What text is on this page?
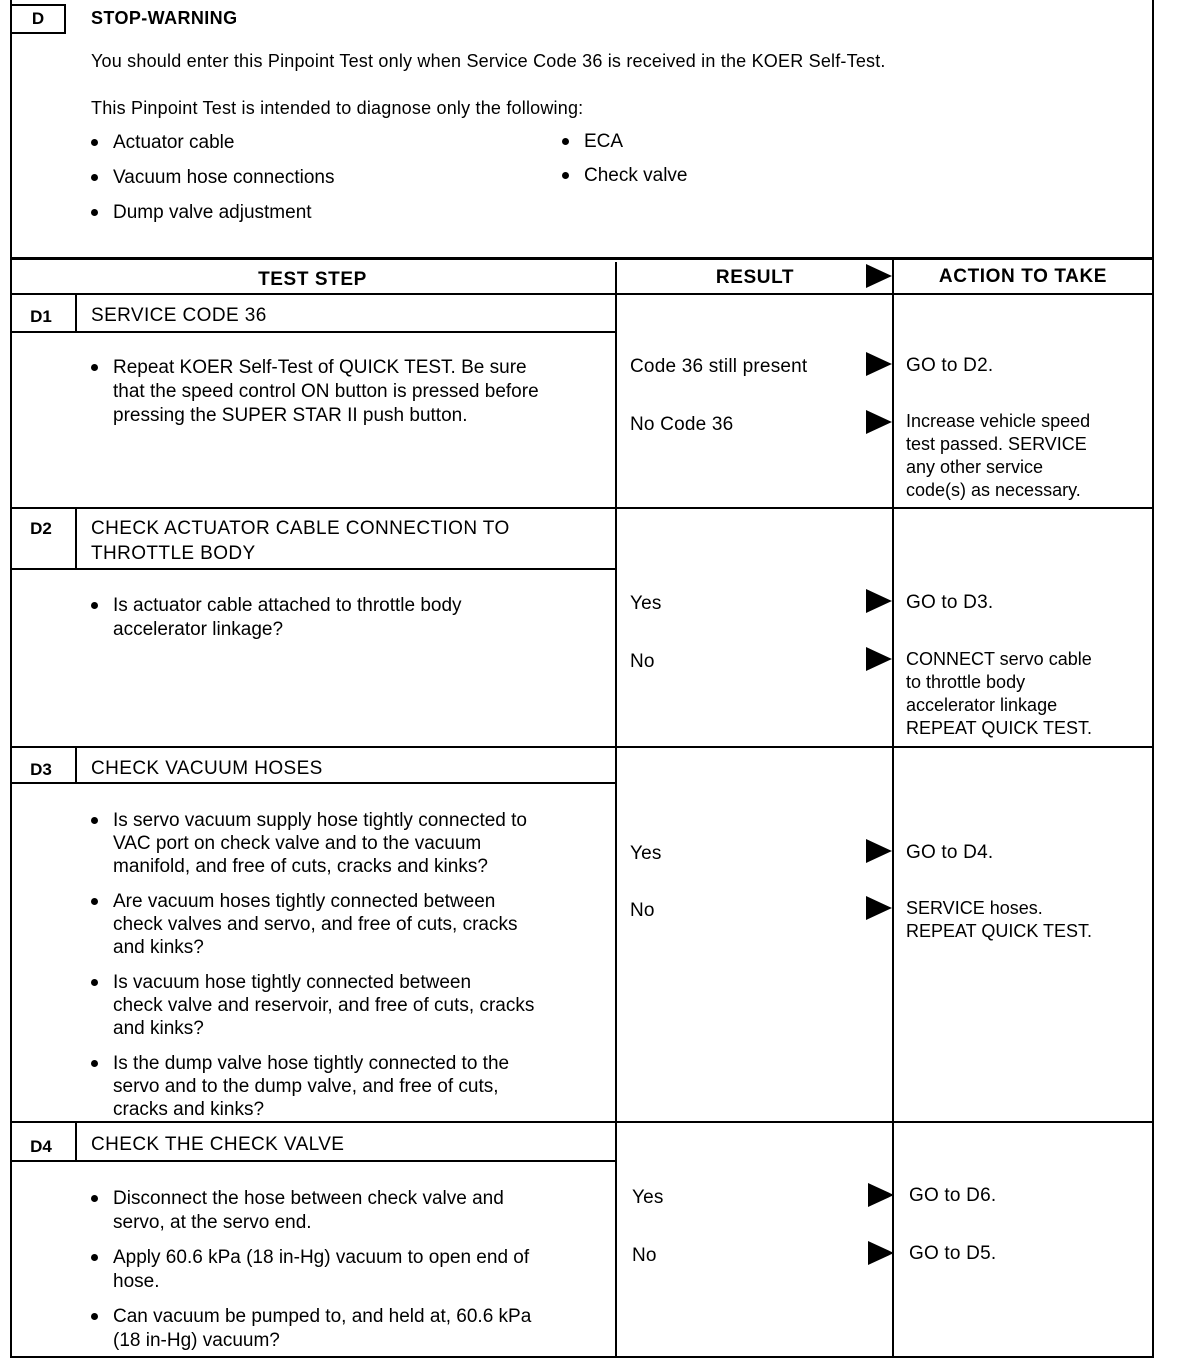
D	STOP-WARNING
You should enter this Pinpoint Test only when Service Code 36 is received in the KOER Self-Test.
This Pinpoint Test is intended to diagnose only the following:
Actuator cable
Vacuum hose connections
Dump valve adjustment
ECA
Check valve
TEST STEP	RESULT	ACTION TO TAKE
D1	SERVICE CODE 36
Repeat KOER Self-Test of QUICK TEST. Be sure
that the speed control ON button is pressed before
pressing the SUPER STAR II push button.
Code 36 still present	GO to D2.
No Code 36	Increase vehicle speed
test passed. SERVICE
any other service
code(s) as necessary.
D2	CHECK ACTUATOR CABLE CONNECTION TO
THROTTLE BODY
Is actuator cable attached to throttle body
accelerator linkage?
Yes	GO to D3.
No	CONNECT servo cable
to throttle body
accelerator linkage
REPEAT QUICK TEST.
D3	CHECK VACUUM HOSES
Is servo vacuum supply hose tightly connected to
VAC port on check valve and to the vacuum
manifold, and free of cuts, cracks and kinks?
Are vacuum hoses tightly connected between
check valves and servo, and free of cuts, cracks
and kinks?
Is vacuum hose tightly connected between
check valve and reservoir, and free of cuts, cracks
and kinks?
Is the dump valve hose tightly connected to the
servo and to the dump valve, and free of cuts,
cracks and kinks?
Yes	GO to D4.
No	SERVICE hoses.
REPEAT QUICK TEST.
D4	CHECK THE CHECK VALVE
Disconnect the hose between check valve and
servo, at the servo end.
Apply 60.6 kPa (18 in-Hg) vacuum to open end of
hose.
Can vacuum be pumped to, and held at, 60.6 kPa
(18 in-Hg) vacuum?
Yes	GO to D6.
No	GO to D5.
